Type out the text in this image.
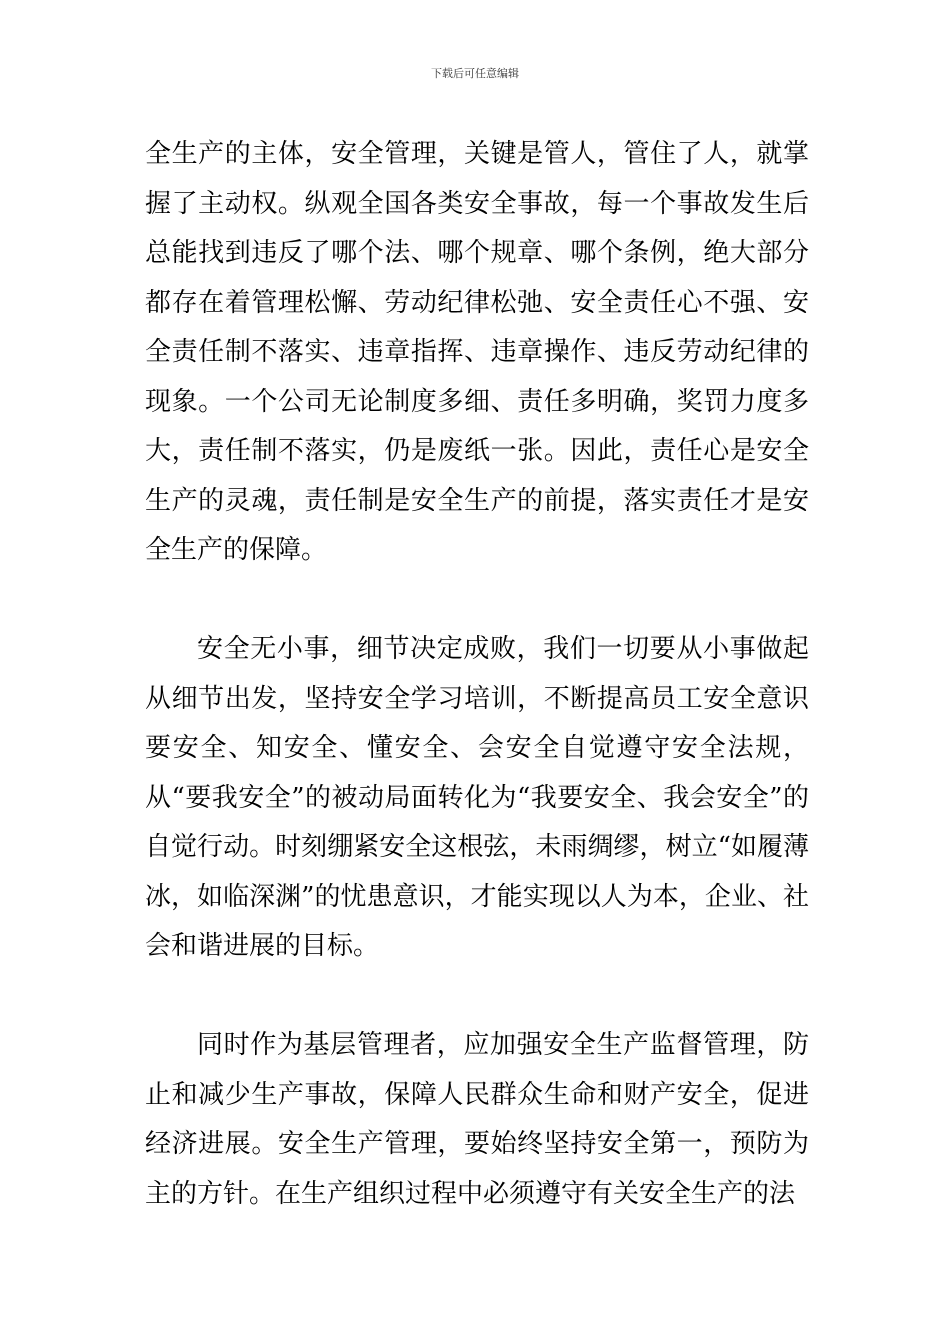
下载后可任意编辑

全生产的主体，安全管理，关键是管人，管住了人，就掌握了主动权。纵观全国各类安全事故，每一个事故发生后总能找到违反了哪个法、哪个规章、哪个条例，绝大部分都存在着管理松懈、劳动纪律松弛、安全责任心不强、安全责任制不落实、违章指挥、违章操作、违反劳动纪律的现象。一个公司无论制度多细、责任多明确，奖罚力度多大，责任制不落实，仍是废纸一张。因此，责任心是安全生产的灵魂，责任制是安全生产的前提，落实责任才是安全生产的保障。

安全无小事，细节决定成败，我们一切要从小事做起从细节出发，坚持安全学习培训，不断提高员工安全意识要安全、知安全、懂安全、会安全自觉遵守安全法规，从“要我安全”的被动局面转化为“我要安全、我会安全”的自觉行动。时刻绷紧安全这根弦，未雨绸缪，树立“如履薄冰，如临深渊”的忧患意识，才能实现以人为本，企业、社会和谐进展的目标。

同时作为基层管理者，应加强安全生产监督管理，防止和减少生产事故，保障人民群众生命和财产安全，促进经济进展。安全生产管理，要始终坚持安全第一，预防为主的方针。在生产组织过程中必须遵守有关安全生产的法
